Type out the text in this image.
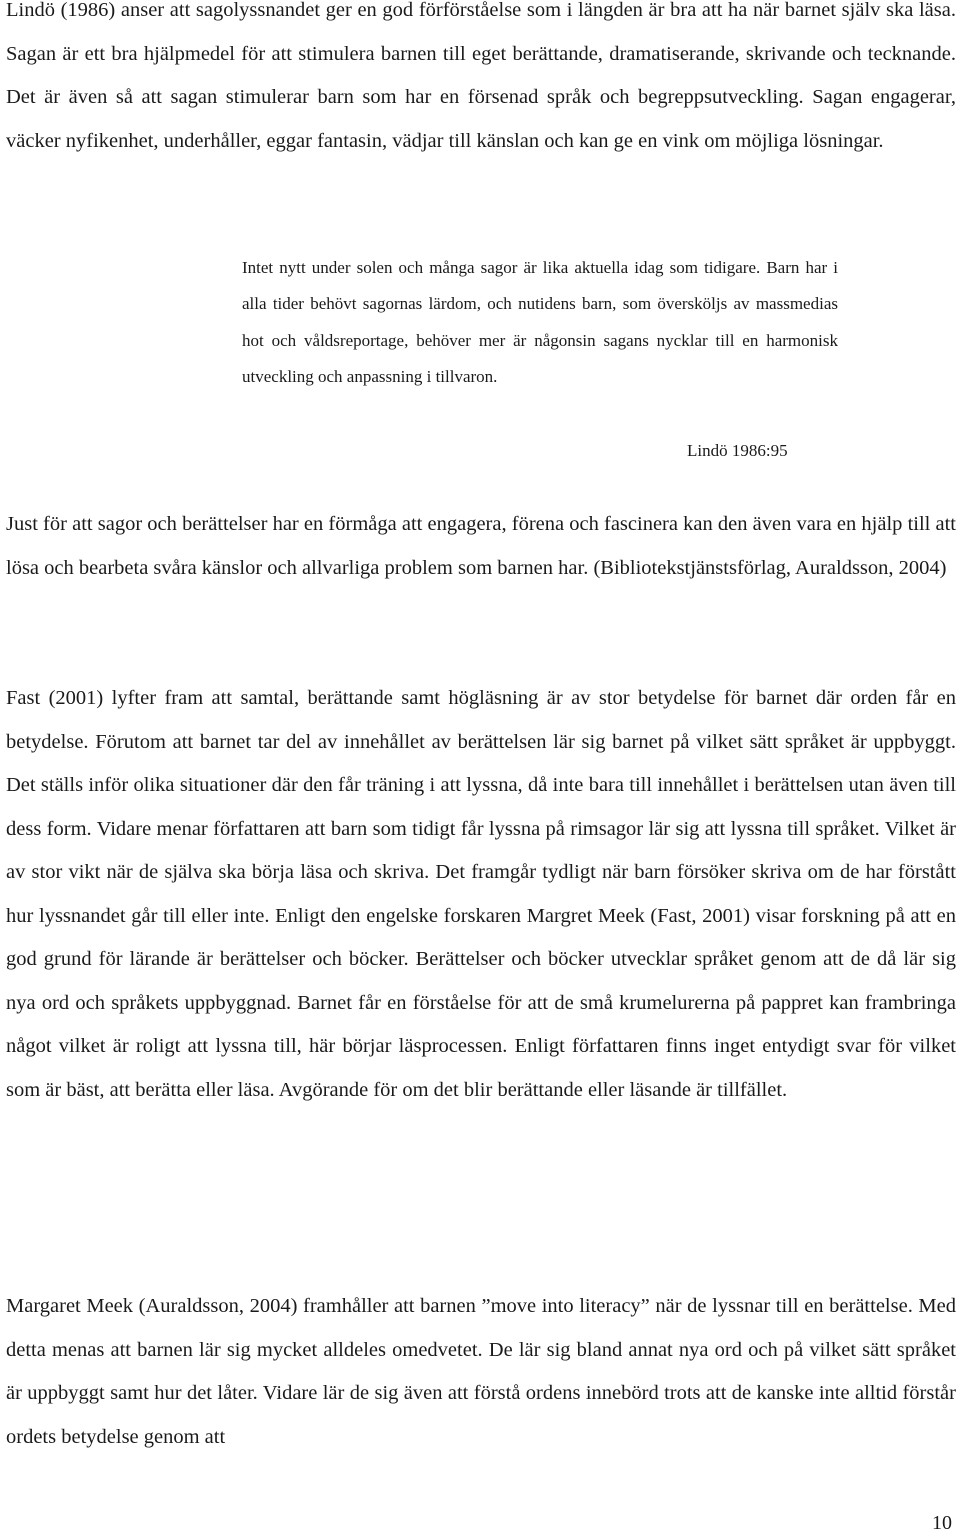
Lindö (1986) anser att sagolyssnandet ger en god förförståelse som i längden är bra att ha när barnet själv ska läsa. Sagan är ett bra hjälpmedel för att stimulera barnen till eget berättande, dramatiserande, skrivande och tecknande. Det är även så att sagan stimulerar barn som har en försenad språk och begreppsutveckling. Sagan engagerar, väcker nyfikenhet, underhåller, eggar fantasin, vädjar till känslan och kan ge en vink om möjliga lösningar.

Intet nytt under solen och många sagor är lika aktuella idag som tidigare. Barn har i alla tider behövt sagornas lärdom, och nutidens barn, som översköljs av massmedias hot och våldsreportage, behöver mer är någonsin sagans nycklar till en harmonisk utveckling och anpassning i tillvaron.

Lindö 1986:95

Just för att sagor och berättelser har en förmåga att engagera, förena och fascinera kan den även vara en hjälp till att lösa och bearbeta svåra känslor och allvarliga problem som barnen har. (Bibliotekstjänstsförlag, Auraldsson, 2004)

Fast (2001) lyfter fram att samtal, berättande samt högläsning är av stor betydelse för barnet där orden får en betydelse. Förutom att barnet tar del av innehållet av berättelsen lär sig barnet på vilket sätt språket är uppbyggt. Det ställs inför olika situationer där den får träning i att lyssna, då inte bara till innehållet i berättelsen utan även till dess form. Vidare menar författaren att barn som tidigt får lyssna på rimsagor lär sig att lyssna till språket. Vilket är av stor vikt när de själva ska börja läsa och skriva. Det framgår tydligt när barn försöker skriva om de har förstått hur lyssnandet går till eller inte. Enligt den engelske forskaren Margret Meek (Fast, 2001) visar forskning på att en god grund för lärande är berättelser och böcker. Berättelser och böcker utvecklar språket genom att de då lär sig nya ord och språkets uppbyggnad. Barnet får en förståelse för att de små krumelurerna på pappret kan frambringa något vilket är roligt att lyssna till, här börjar läsprocessen. Enligt författaren finns inget entydigt svar för vilket som är bäst, att berätta eller läsa. Avgörande för om det blir berättande eller läsande är tillfället.

Margaret Meek (Auraldsson, 2004) framhåller att barnen ”move into literacy” när de lyssnar till en berättelse. Med detta menas att barnen lär sig mycket alldeles omedvetet. De lär sig bland annat nya ord och på vilket sätt språket är uppbyggt samt hur det låter. Vidare lär de sig även att förstå ordens innebörd trots att de kanske inte alltid förstår ordets betydelse genom att

10
